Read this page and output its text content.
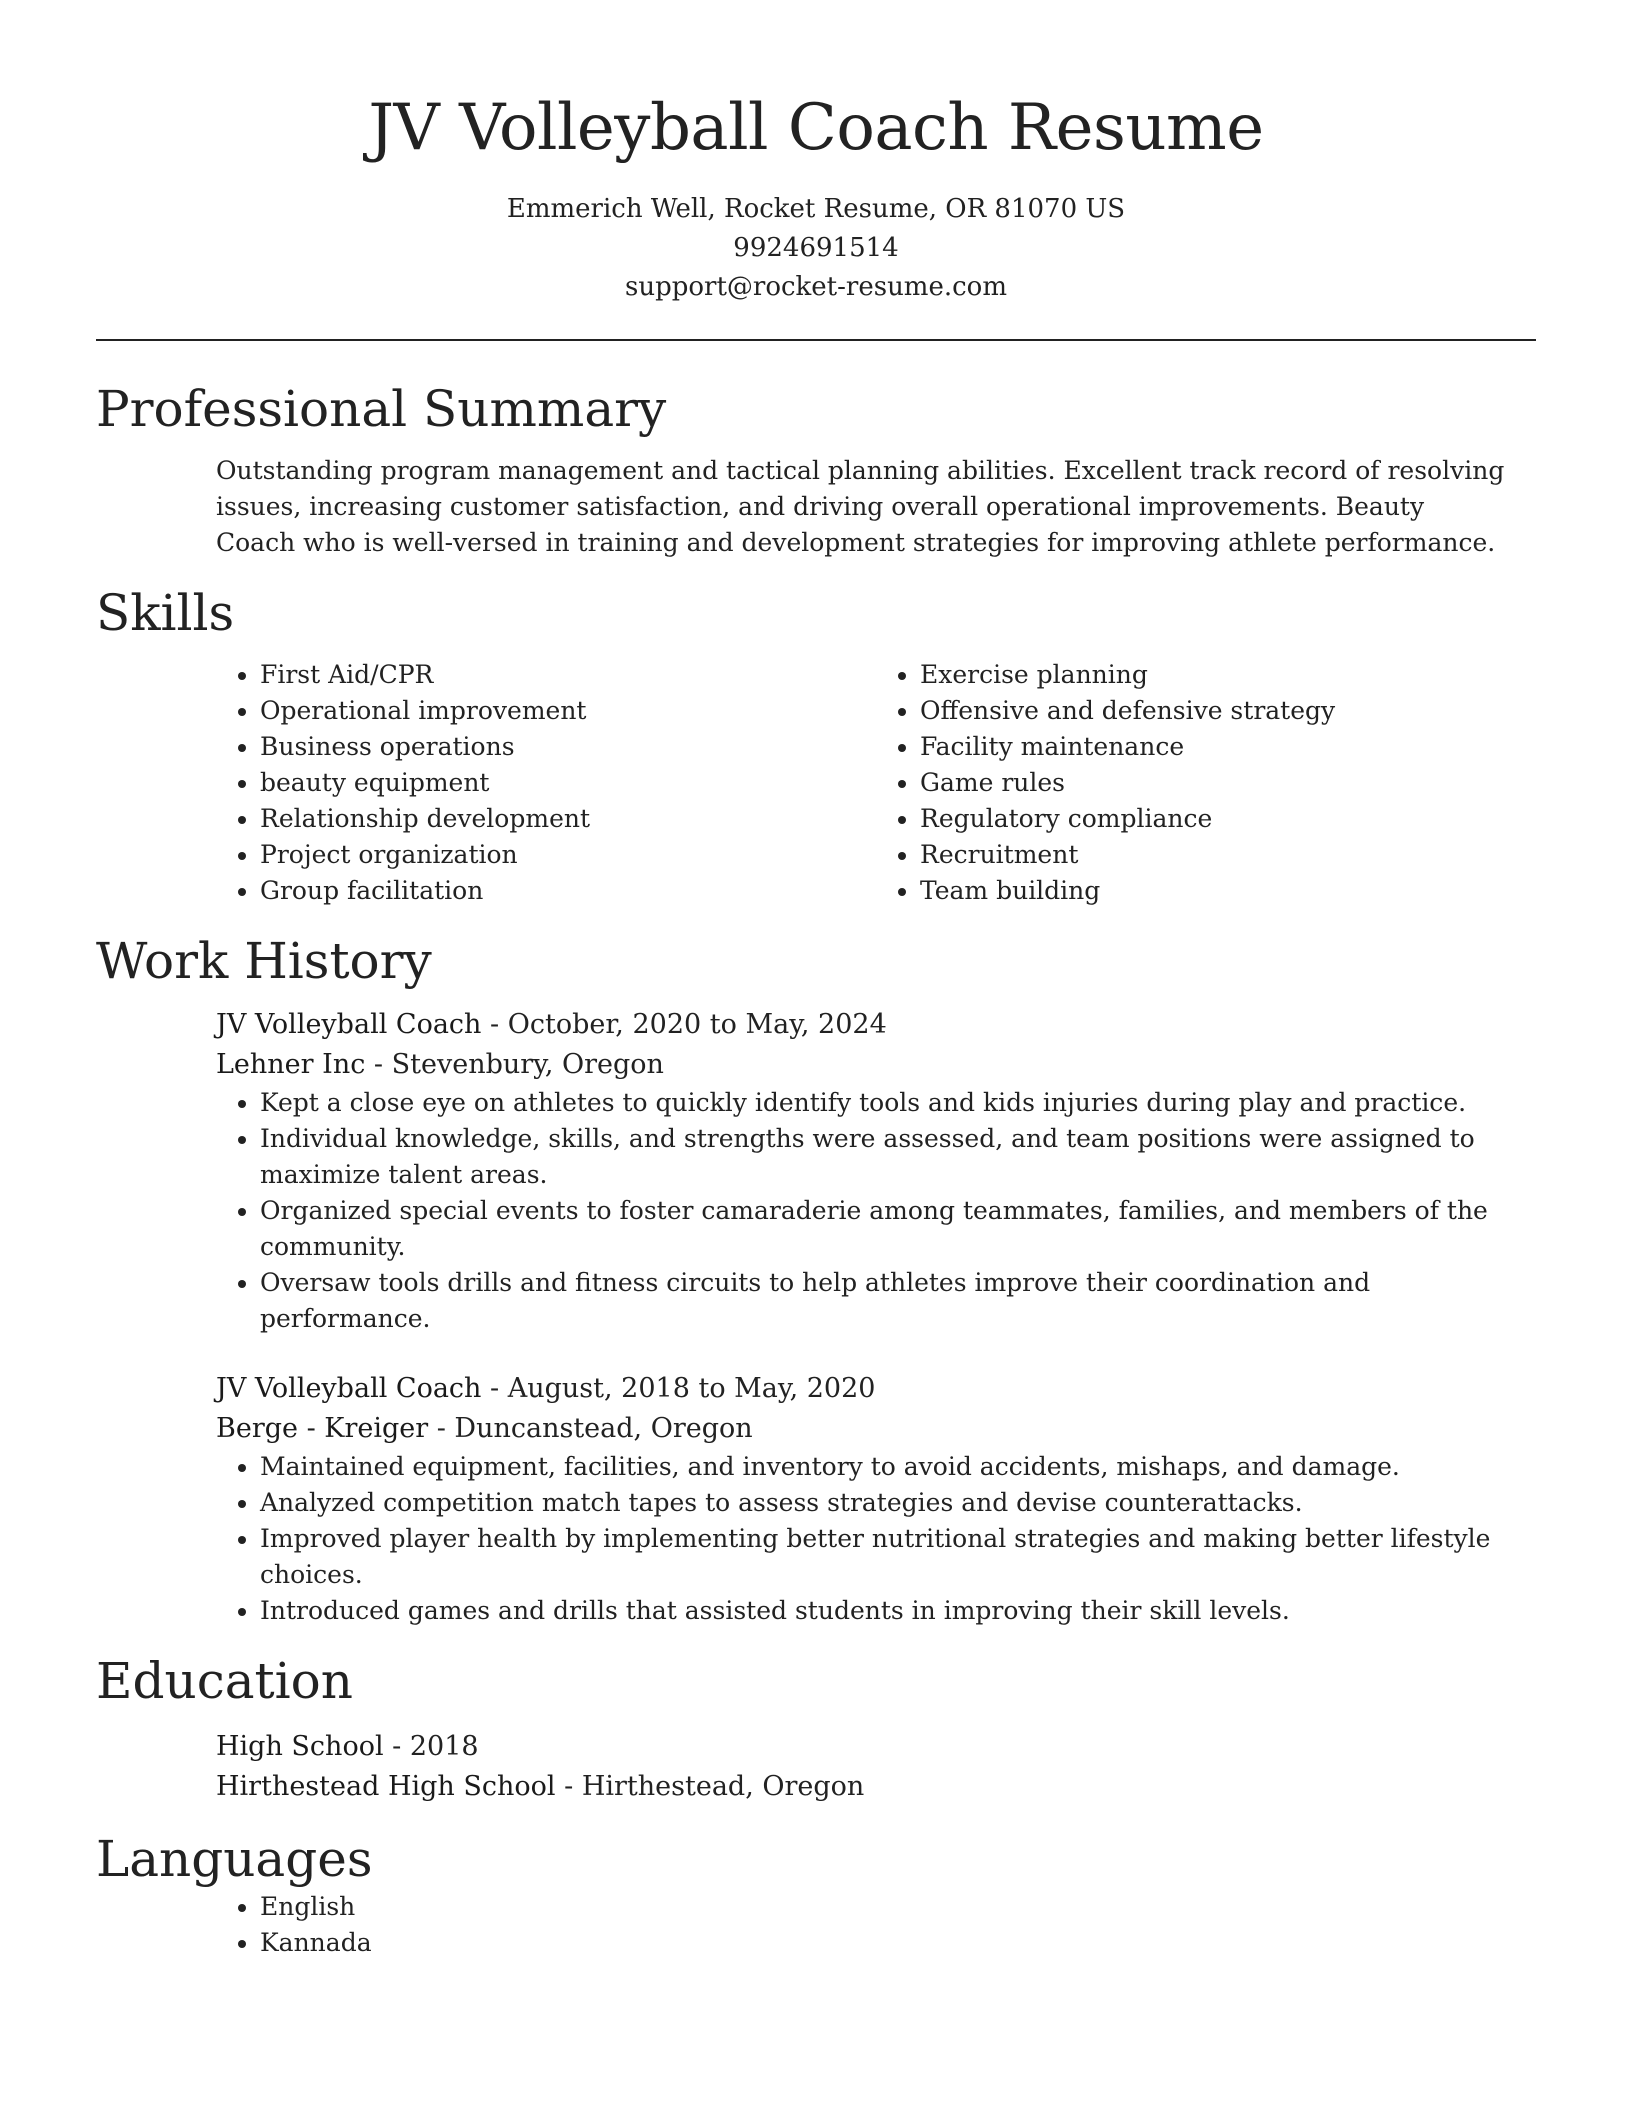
JV Volleyball Coach Resume
Emmerich Well, Rocket Resume, OR 81070 US
9924691514
support@rocket-resume.com
Professional Summary
Outstanding program management and tactical planning abilities. Excellent track record of resolving issues, increasing customer satisfaction, and driving overall operational improvements. Beauty Coach who is well-versed in training and development strategies for improving athlete performance.
Skills
• First Aid/CPR
• Operational improvement
• Business operations
• beauty equipment
• Relationship development
• Project organization
• Group facilitation
• Exercise planning
• Offensive and defensive strategy
• Facility maintenance
• Game rules
• Regulatory compliance
• Recruitment
• Team building
Work History
JV Volleyball Coach - October, 2020 to May, 2024
Lehner Inc - Stevenbury, Oregon
• Kept a close eye on athletes to quickly identify tools and kids injuries during play and practice.
• Individual knowledge, skills, and strengths were assessed, and team positions were assigned to maximize talent areas.
• Organized special events to foster camaraderie among teammates, families, and members of the community.
• Oversaw tools drills and fitness circuits to help athletes improve their coordination and performance.
JV Volleyball Coach - August, 2018 to May, 2020
Berge - Kreiger - Duncanstead, Oregon
• Maintained equipment, facilities, and inventory to avoid accidents, mishaps, and damage.
• Analyzed competition match tapes to assess strategies and devise counterattacks.
• Improved player health by implementing better nutritional strategies and making better lifestyle choices.
• Introduced games and drills that assisted students in improving their skill levels.
Education
High School - 2018
Hirthestead High School - Hirthestead, Oregon
Languages
• English
• Kannada
